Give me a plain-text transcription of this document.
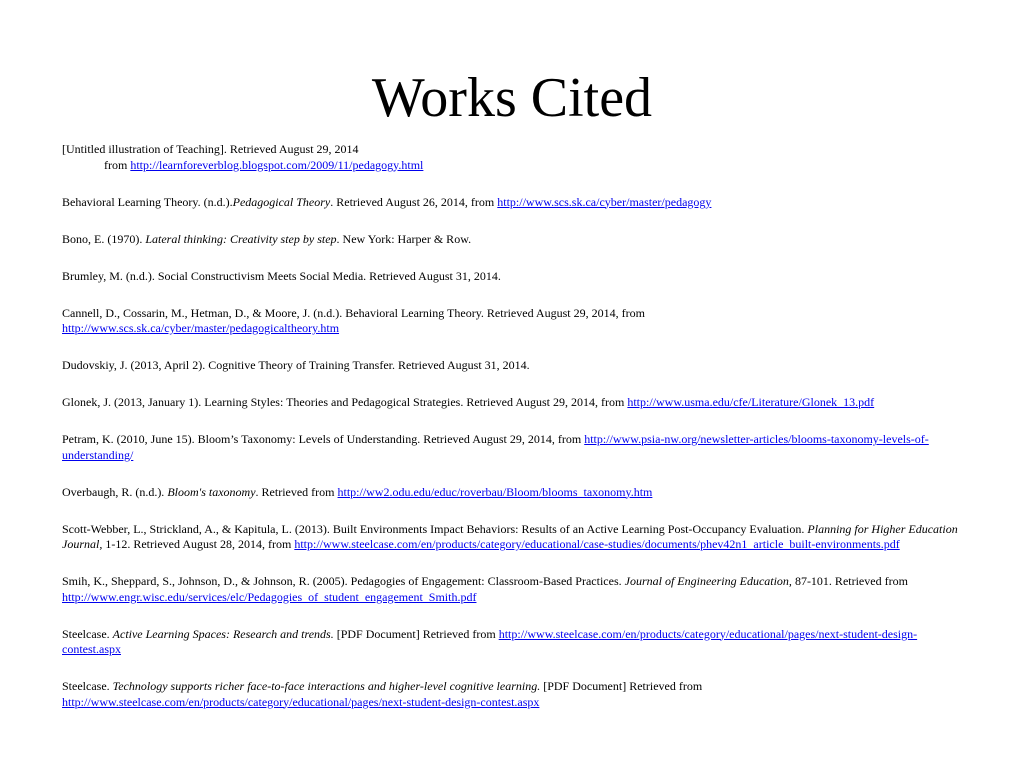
Works Cited

[Untitled illustration of Teaching]. Retrieved August 29, 2014
from http://learnforeverblog.blogspot.com/2009/11/pedagogy.html

Behavioral Learning Theory. (n.d.).Pedagogical Theory. Retrieved August 26, 2014, from http://www.scs.sk.ca/cyber/master/pedagogy

Bono, E. (1970). Lateral thinking: Creativity step by step. New York: Harper & Row.

Brumley, M. (n.d.). Social Constructivism Meets Social Media. Retrieved August 31, 2014.

Cannell, D., Cossarin, M., Hetman, D., & Moore, J. (n.d.). Behavioral Learning Theory. Retrieved August 29, 2014, from
http://www.scs.sk.ca/cyber/master/pedagogicaltheory.htm

Dudovskiy, J. (2013, April 2). Cognitive Theory of Training Transfer. Retrieved August 31, 2014.

Glonek, J. (2013, January 1). Learning Styles: Theories and Pedagogical Strategies. Retrieved August 29, 2014, from http://www.usma.edu/cfe/Literature/Glonek_13.pdf

Petram, K. (2010, June 15). Bloom’s Taxonomy: Levels of Understanding. Retrieved August 29, 2014, from http://www.psia-nw.org/newsletter-articles/blooms-taxonomy-levels-of-understanding/

Overbaugh, R. (n.d.). Bloom's taxonomy. Retrieved from http://ww2.odu.edu/educ/roverbau/Bloom/blooms_taxonomy.htm

Scott-Webber, L., Strickland, A., & Kapitula, L. (2013). Built Environments Impact Behaviors: Results of an Active Learning Post-Occupancy Evaluation. Planning for Higher Education Journal, 1-12. Retrieved August 28, 2014, from http://www.steelcase.com/en/products/category/educational/case-studies/documents/phev42n1_article_built-environments.pdf

Smih, K., Sheppard, S., Johnson, D., & Johnson, R. (2005). Pedagogies of Engagement: Classroom-Based Practices. Journal of Engineering Education, 87-101. Retrieved from http://www.engr.wisc.edu/services/elc/Pedagogies_of_student_engagement_Smith.pdf

Steelcase. Active Learning Spaces: Research and trends. [PDF Document] Retrieved from http://www.steelcase.com/en/products/category/educational/pages/next-student-design-contest.aspx

Steelcase. Technology supports richer face-to-face interactions and higher-level cognitive learning. [PDF Document] Retrieved from
http://www.steelcase.com/en/products/category/educational/pages/next-student-design-contest.aspx
